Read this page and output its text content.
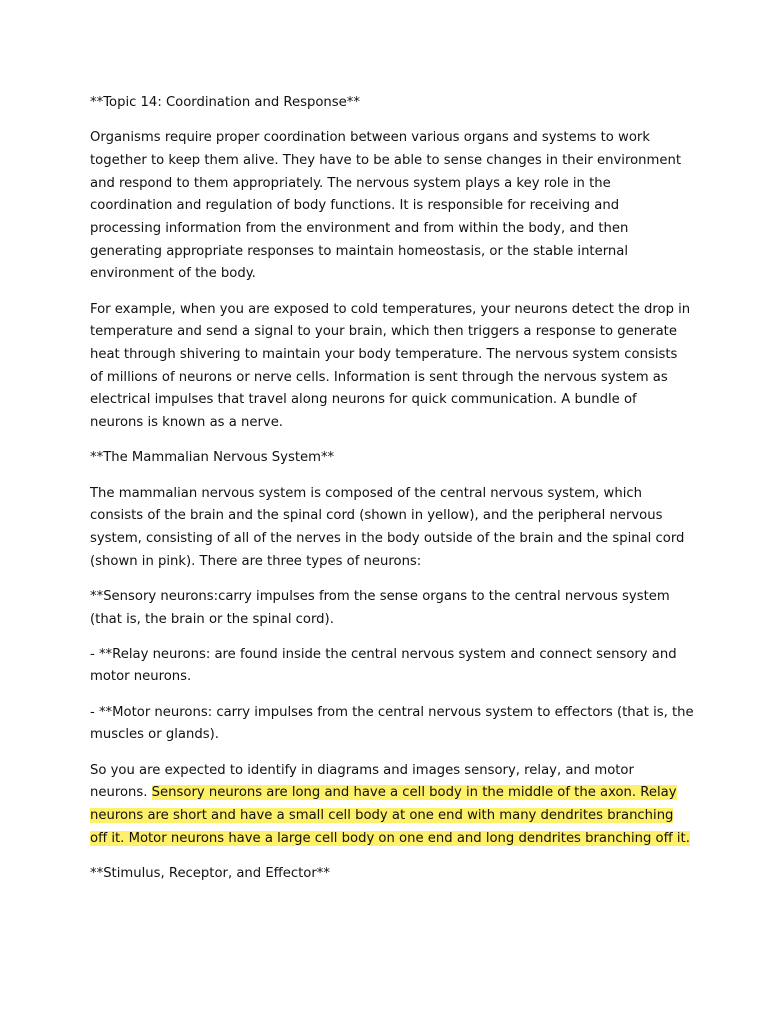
**Topic 14: Coordination and Response**

Organisms require proper coordination between various organs and systems to work together to keep them alive. They have to be able to sense changes in their environment and respond to them appropriately. The nervous system plays a key role in the coordination and regulation of body functions. It is responsible for receiving and processing information from the environment and from within the body, and then generating appropriate responses to maintain homeostasis, or the stable internal environment of the body.

For example, when you are exposed to cold temperatures, your neurons detect the drop in temperature and send a signal to your brain, which then triggers a response to generate heat through shivering to maintain your body temperature. The nervous system consists of millions of neurons or nerve cells. Information is sent through the nervous system as electrical impulses that travel along neurons for quick communication. A bundle of neurons is known as a nerve.

**The Mammalian Nervous System**

The mammalian nervous system is composed of the central nervous system, which consists of the brain and the spinal cord (shown in yellow), and the peripheral nervous system, consisting of all of the nerves in the body outside of the brain and the spinal cord (shown in pink). There are three types of neurons:

**Sensory neurons:carry impulses from the sense organs to the central nervous system (that is, the brain or the spinal cord).

- **Relay neurons: are found inside the central nervous system and connect sensory and motor neurons.

- **Motor neurons: carry impulses from the central nervous system to effectors (that is, the muscles or glands).

So you are expected to identify in diagrams and images sensory, relay, and motor neurons. Sensory neurons are long and have a cell body in the middle of the axon. Relay neurons are short and have a small cell body at one end with many dendrites branching off it. Motor neurons have a large cell body on one end and long dendrites branching off it.

**Stimulus, Receptor, and Effector**
